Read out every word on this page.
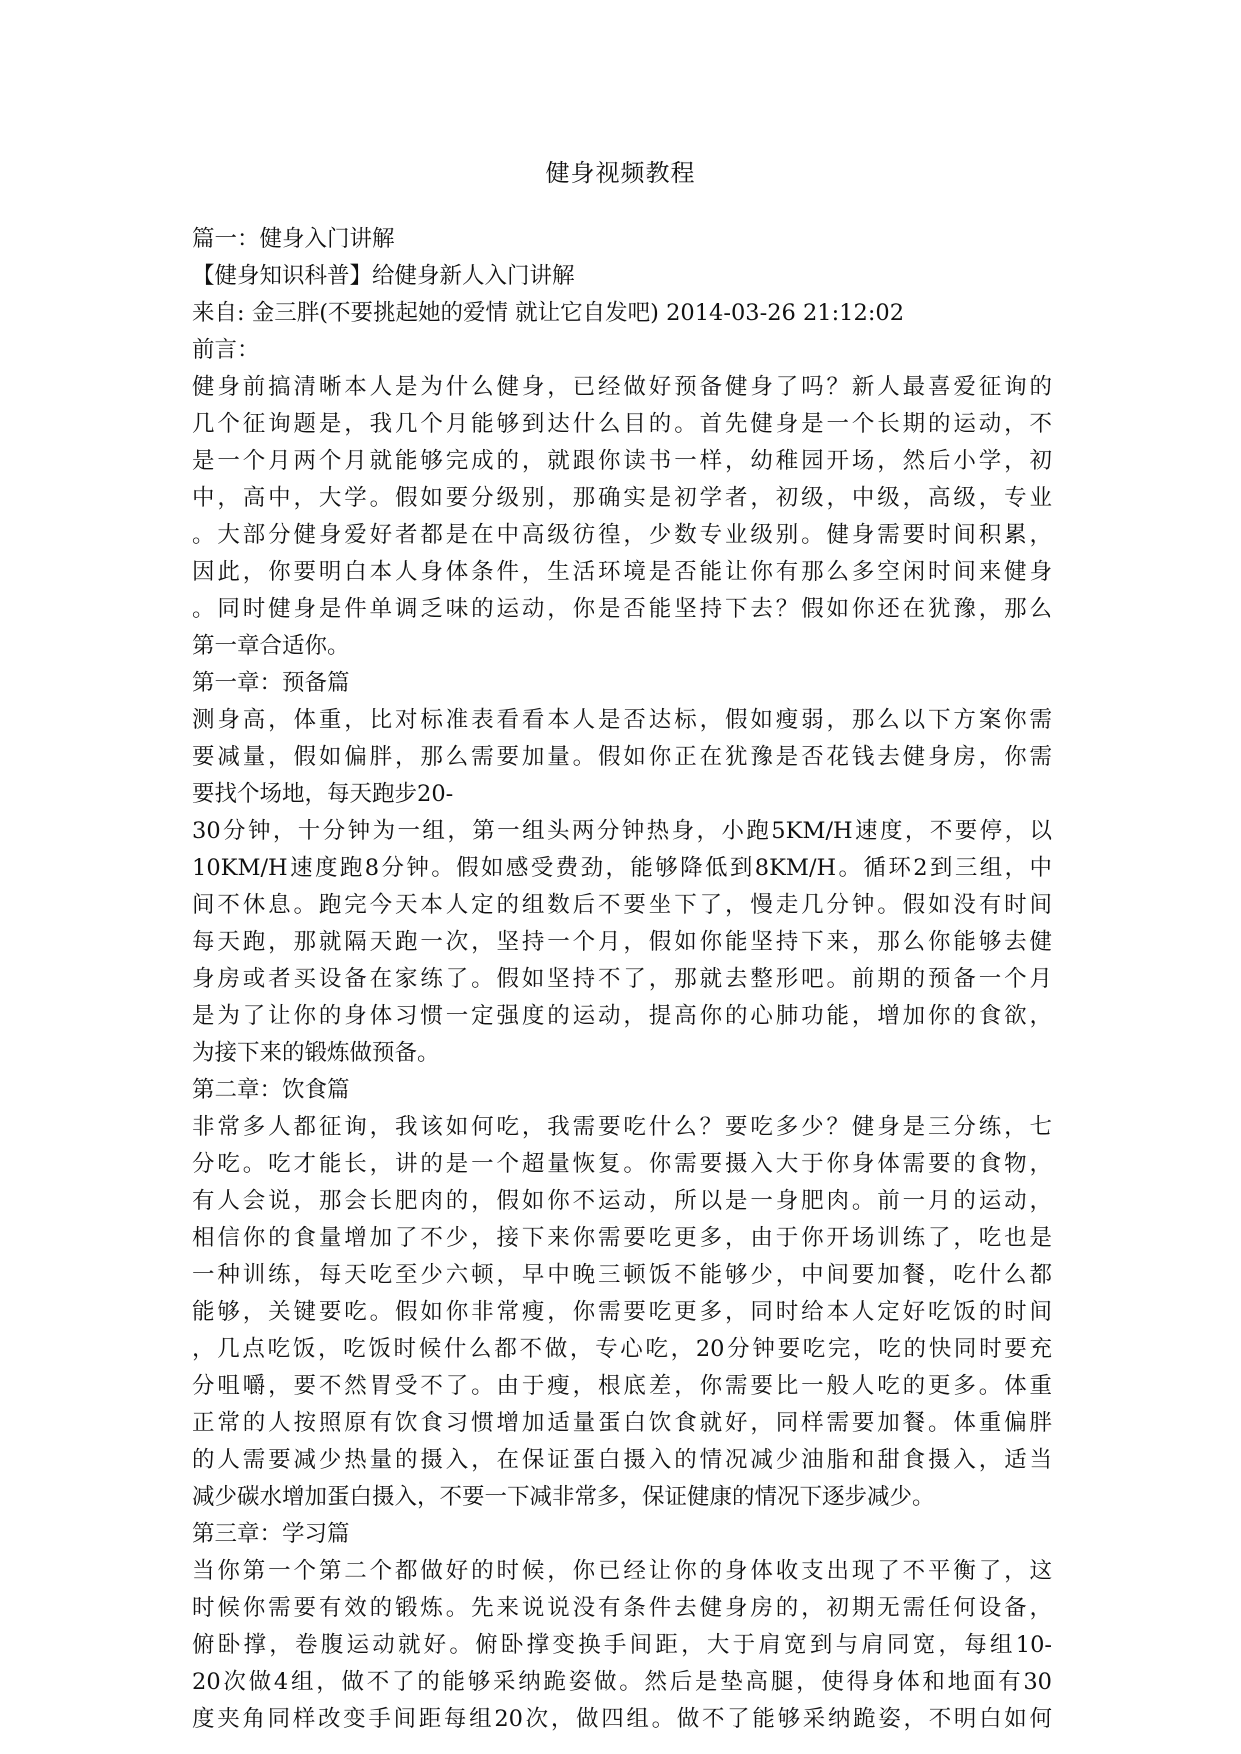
健身视频教程
篇一：健身入门讲解
【健身知识科普】给健身新人入门讲解
来自: 金三胖(不要挑起她的爱情 就让它自发吧) 2014-03-26 21:12:02
前言：
健身前搞清晰本人是为什么健身，已经做好预备健身了吗？新人最喜爱征询的
几个征询题是，我几个月能够到达什么目的。首先健身是一个长期的运动，不
是一个月两个月就能够完成的，就跟你读书一样，幼稚园开场，然后小学，初
中，高中，大学。假如要分级别，那确实是初学者，初级，中级，高级，专业
。大部分健身爱好者都是在中高级彷徨，少数专业级别。健身需要时间积累，
因此，你要明白本人身体条件，生活环境是否能让你有那么多空闲时间来健身
。同时健身是件单调乏味的运动，你是否能坚持下去？假如你还在犹豫，那么
第一章合适你。
第一章：预备篇
测身高，体重，比对标准表看看本人是否达标，假如瘦弱，那么以下方案你需
要减量，假如偏胖，那么需要加量。假如你正在犹豫是否花钱去健身房，你需
要找个场地，每天跑步20-
30分钟，十分钟为一组，第一组头两分钟热身，小跑5KM/H速度，不要停，以
10KM/H速度跑8分钟。假如感受费劲，能够降低到8KM/H。循环2到三组，中
间不休息。跑完今天本人定的组数后不要坐下了，慢走几分钟。假如没有时间
每天跑，那就隔天跑一次，坚持一个月，假如你能坚持下来，那么你能够去健
身房或者买设备在家练了。假如坚持不了，那就去整形吧。前期的预备一个月
是为了让你的身体习惯一定强度的运动，提高你的心肺功能，增加你的食欲，
为接下来的锻炼做预备。
第二章：饮食篇
非常多人都征询，我该如何吃，我需要吃什么？要吃多少？健身是三分练，七
分吃。吃才能长，讲的是一个超量恢复。你需要摄入大于你身体需要的食物，
有人会说，那会长肥肉的，假如你不运动，所以是一身肥肉。前一月的运动，
相信你的食量增加了不少，接下来你需要吃更多，由于你开场训练了，吃也是
一种训练，每天吃至少六顿，早中晚三顿饭不能够少，中间要加餐，吃什么都
能够，关键要吃。假如你非常瘦，你需要吃更多，同时给本人定好吃饭的时间
，几点吃饭，吃饭时候什么都不做，专心吃，20分钟要吃完，吃的快同时要充
分咀嚼，要不然胃受不了。由于瘦，根底差，你需要比一般人吃的更多。体重
正常的人按照原有饮食习惯增加适量蛋白饮食就好，同样需要加餐。体重偏胖
的人需要减少热量的摄入，在保证蛋白摄入的情况减少油脂和甜食摄入，适当
减少碳水增加蛋白摄入，不要一下减非常多，保证健康的情况下逐步减少。
第三章：学习篇
当你第一个第二个都做好的时候，你已经让你的身体收支出现了不平衡了，这
时候你需要有效的锻炼。先来说说没有条件去健身房的，初期无需任何设备，
俯卧撑，卷腹运动就好。俯卧撑变换手间距，大于肩宽到与肩同宽，每组10-
20次做4组，做不了的能够采纳跪姿做。然后是垫高腿，使得身体和地面有30
度夹角同样改变手间距每组20次，做四组。做不了能够采纳跪姿，不明白如何
